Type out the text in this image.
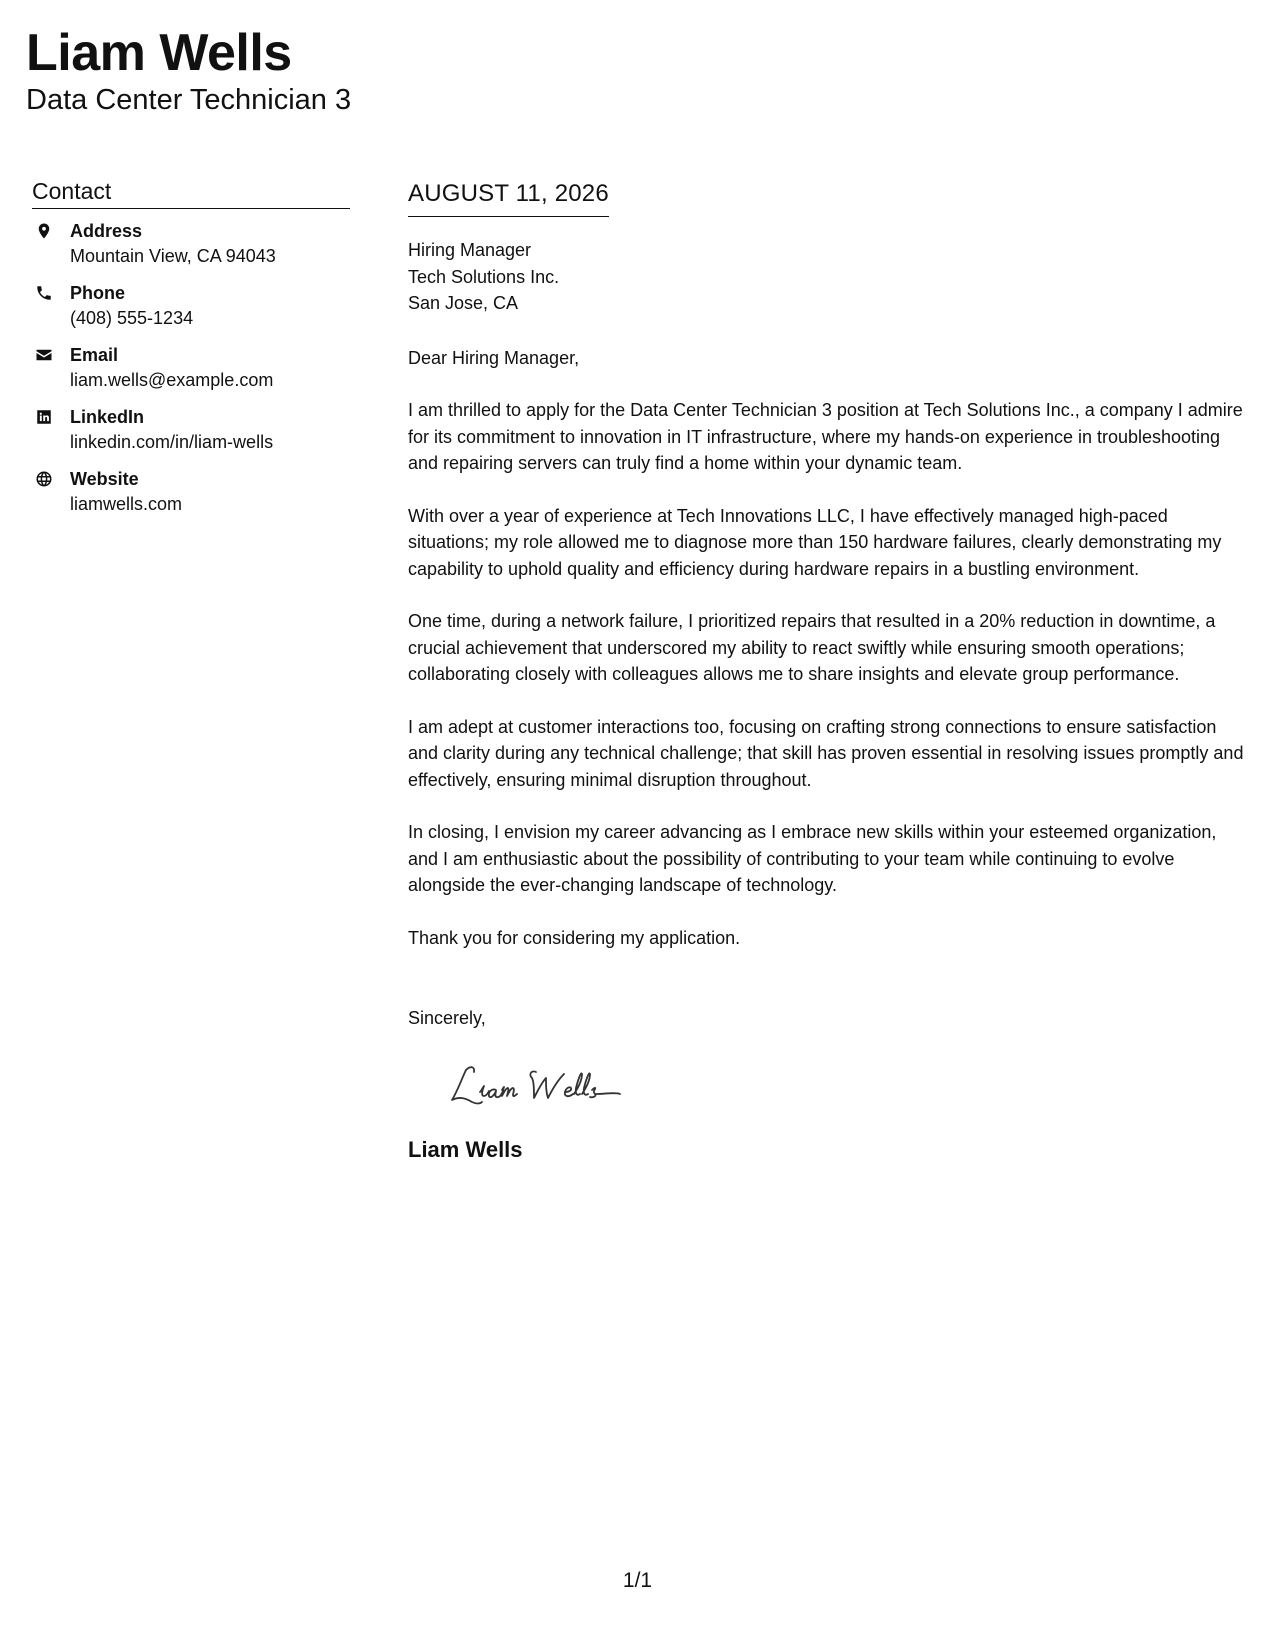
Liam Wells
Data Center Technician 3
Contact
Address
Mountain View, CA 94043
Phone
(408) 555-1234
Email
liam.wells@example.com
LinkedIn
linkedin.com/in/liam-wells
Website
liamwells.com
AUGUST 11, 2026
Hiring Manager
Tech Solutions Inc.
San Jose, CA
Dear Hiring Manager,

I am thrilled to apply for the Data Center Technician 3 position at Tech Solutions Inc., a company I admire for its commitment to innovation in IT infrastructure, where my hands-on experience in troubleshooting and repairing servers can truly find a home within your dynamic team.

With over a year of experience at Tech Innovations LLC, I have effectively managed high-paced situations; my role allowed me to diagnose more than 150 hardware failures, clearly demonstrating my capability to uphold quality and efficiency during hardware repairs in a bustling environment.

One time, during a network failure, I prioritized repairs that resulted in a 20% reduction in downtime, a crucial achievement that underscored my ability to react swiftly while ensuring smooth operations; collaborating closely with colleagues allows me to share insights and elevate group performance.

I am adept at customer interactions too, focusing on crafting strong connections to ensure satisfaction and clarity during any technical challenge; that skill has proven essential in resolving issues promptly and effectively, ensuring minimal disruption throughout.

In closing, I envision my career advancing as I embrace new skills within your esteemed organization, and I am enthusiastic about the possibility of contributing to your team while continuing to evolve alongside the ever-changing landscape of technology.

Thank you for considering my application.

Sincerely,
Liam Wells
1/1
